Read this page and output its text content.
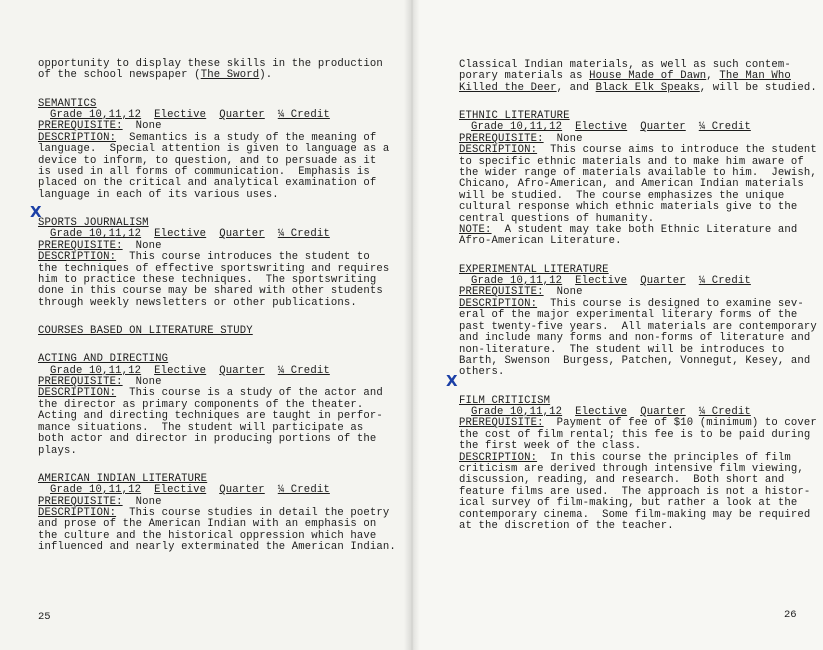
opportunity to display these skills in the production
of the school newspaper (The Sword).
SEMANTICS
Grade 10,11,12 Elective Quarter ¼ Credit
PREREQUISITE: None
DESCRIPTION: Semantics is a study of the meaning of
language.  Special attention is given to language as a
device to inform, to question, and to persuade as it
is used in all forms of communication.  Emphasis is
placed on the critical and analytical examination of
language in each of its various uses.
SPORTS JOURNALISM
Grade 10,11,12 Elective Quarter ¼ Credit
PREREQUISITE: None
DESCRIPTION: This course introduces the student to
the techniques of effective sportswriting and requires
him to practice these techniques.  The sportswriting
done in this course may be shared with other students
through weekly newsletters or other publications.
COURSES BASED ON LITERATURE STUDY
ACTING AND DIRECTING
Grade 10,11,12 Elective Quarter ¼ Credit
PREREQUISITE: None
DESCRIPTION: This course is a study of the actor and
the director as primary components of the theater.
Acting and directing techniques are taught in perfor-
mance situations.  The student will participate as
both actor and director in producing portions of the
plays.
AMERICAN INDIAN LITERATURE
Grade 10,11,12 Elective Quarter ¼ Credit
PREREQUISITE: None
DESCRIPTION: This course studies in detail the poetry
and prose of the American Indian with an emphasis on
the culture and the historical oppression which have
influenced and nearly exterminated the American Indian.
X
25
Classical Indian materials, as well as such contem-
porary materials as House Made of Dawn, The Man Who
Killed the Deer, and Black Elk Speaks, will be studied.
ETHNIC LITERATURE
Grade 10,11,12 Elective Quarter ¼ Credit
PREREQUISITE: None
DESCRIPTION: This course aims to introduce the student
to specific ethnic materials and to make him aware of
the wider range of materials available to him.  Jewish,
Chicano, Afro-American, and American Indian materials
will be studied.  The course emphasizes the unique
cultural response which ethnic materials give to the
central questions of humanity.
NOTE: A student may take both Ethnic Literature and
Afro-American Literature.
EXPERIMENTAL LITERATURE
Grade 10,11,12 Elective Quarter ¼ Credit
PREREQUISITE: None
DESCRIPTION: This course is designed to examine sev-
eral of the major experimental literary forms of the
past twenty-five years.  All materials are contemporary
and include many forms and non-forms of literature and
non-literature.  The student will be introduces to
Barth, Swenson  Burgess, Patchen, Vonnegut, Kesey, and
others.
FILM CRITICISM
Grade 10,11,12 Elective Quarter ¼ Credit
PREREQUISITE: Payment of fee of $10 (minimum) to cover
the cost of film rental; this fee is to be paid during
the first week of the class.
DESCRIPTION: In this course the principles of film
criticism are derived through intensive film viewing,
discussion, reading, and research.  Both short and
feature films are used.  The approach is not a histor-
ical survey of film-making, but rather a look at the
contemporary cinema.  Some film-making may be required
at the discretion of the teacher.
X
26
